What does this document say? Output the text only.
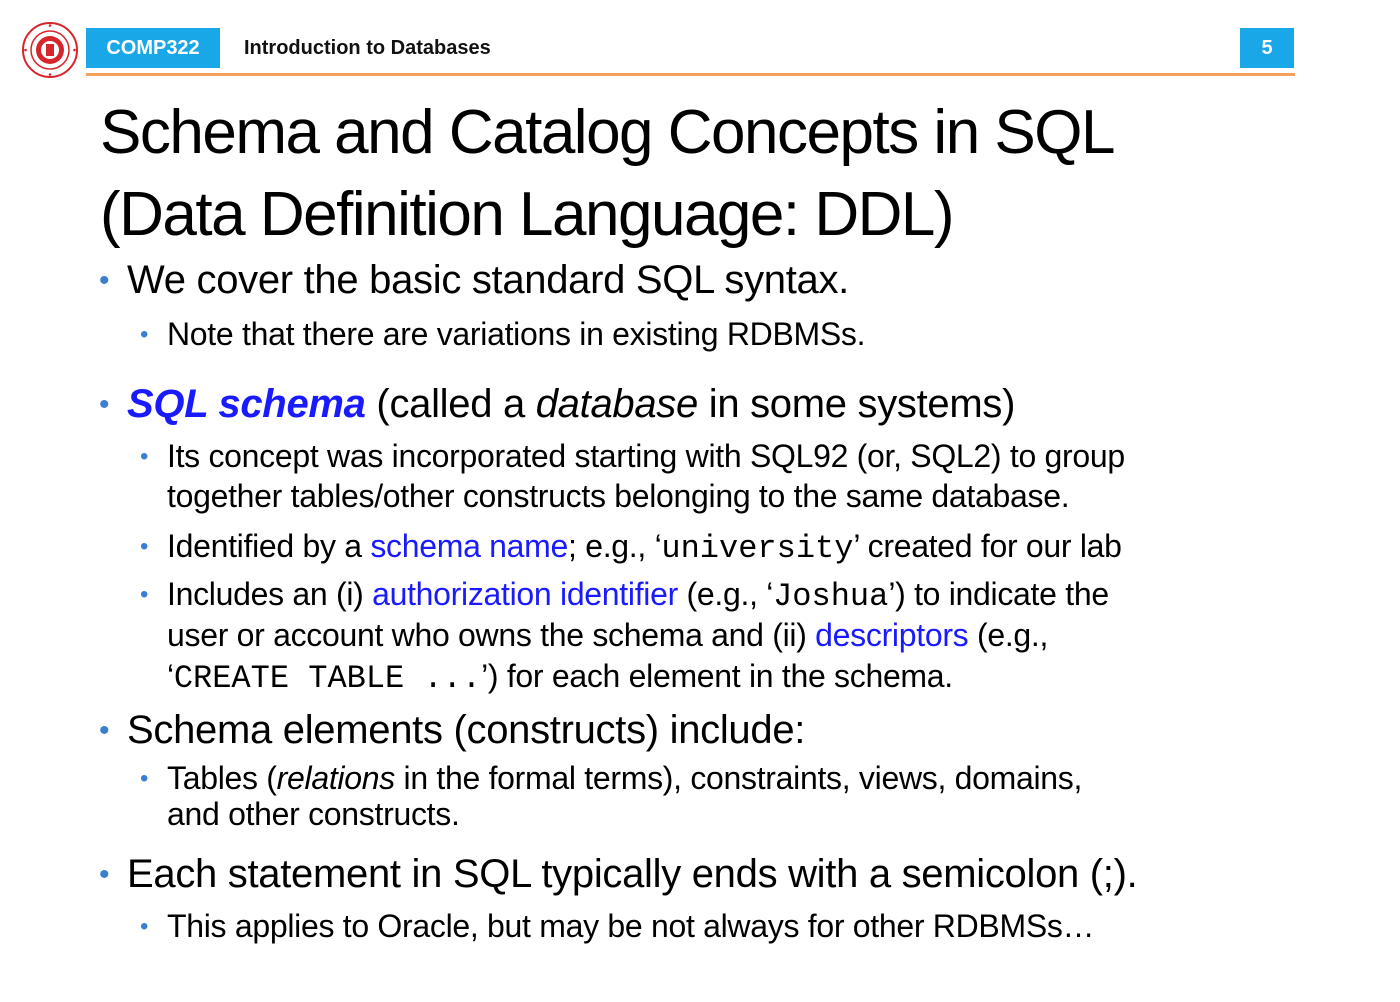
COMP322	Introduction to Databases	5
Schema and Catalog Concepts in SQL
(Data Definition Language: DDL)
• We cover the basic standard SQL syntax.
• Note that there are variations in existing RDBMSs.
• SQL schema (called a database in some systems)
• Its concept was incorporated starting with SQL92 (or, SQL2) to group
together tables/other constructs belonging to the same database.
• Identified by a schema name; e.g., ‘university’ created for our lab
• Includes an (i) authorization identifier (e.g., ‘Joshua’) to indicate the
user or account who owns the schema and (ii) descriptors (e.g.,
‘CREATE TABLE ...’) for each element in the schema.
• Schema elements (constructs) include:
• Tables (relations in the formal terms), constraints, views, domains,
and other constructs.
• Each statement in SQL typically ends with a semicolon (;).
• This applies to Oracle, but may be not always for other RDBMSs…
